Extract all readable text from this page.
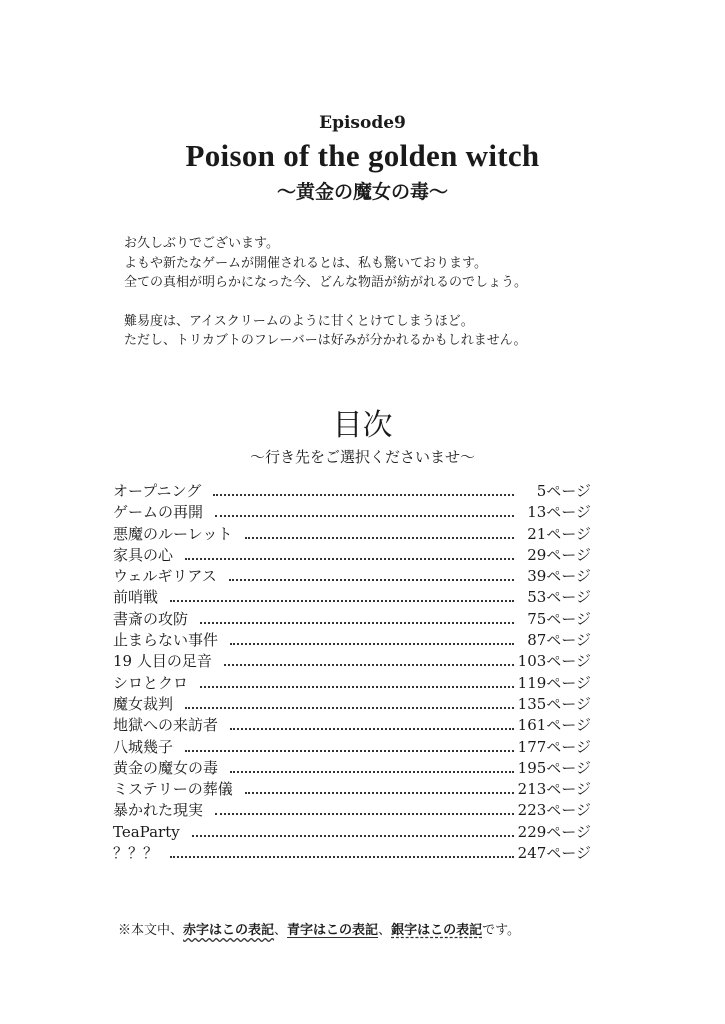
Episode9
Poison of the golden witch
〜黄金の魔女の毒〜

お久しぶりでございます。

よもや新たなゲームが開催されるとは、私も驚いております。

全ての真相が明らかになった今、どんな物語が紡がれるのでしょう。

難易度は、アイスクリームのように甘くとけてしまうほど。

ただし、トリカブトのフレーバーは好みが分かれるかもしれません。

目次
〜行き先をご選択くださいませ〜
オープニング	5ページ
ゲームの再開	13ページ
悪魔のルーレット	21ページ
家具の心	29ページ
ウェルギリアス	39ページ
前哨戦	53ページ
書斎の攻防	75ページ
止まらない事件	87ページ
19 人目の足音	103ページ
シロとクロ	119ページ
魔女裁判	135ページ
地獄への来訪者	161ページ
八城幾子	177ページ
黄金の魔女の毒	195ページ
ミステリーの葬儀	213ページ
暴かれた現実	223ページ
TeaParty	229ページ
？？？	247ページ
※本文中、赤字はこの表記、青字はこの表記、銀字はこの表記です。
